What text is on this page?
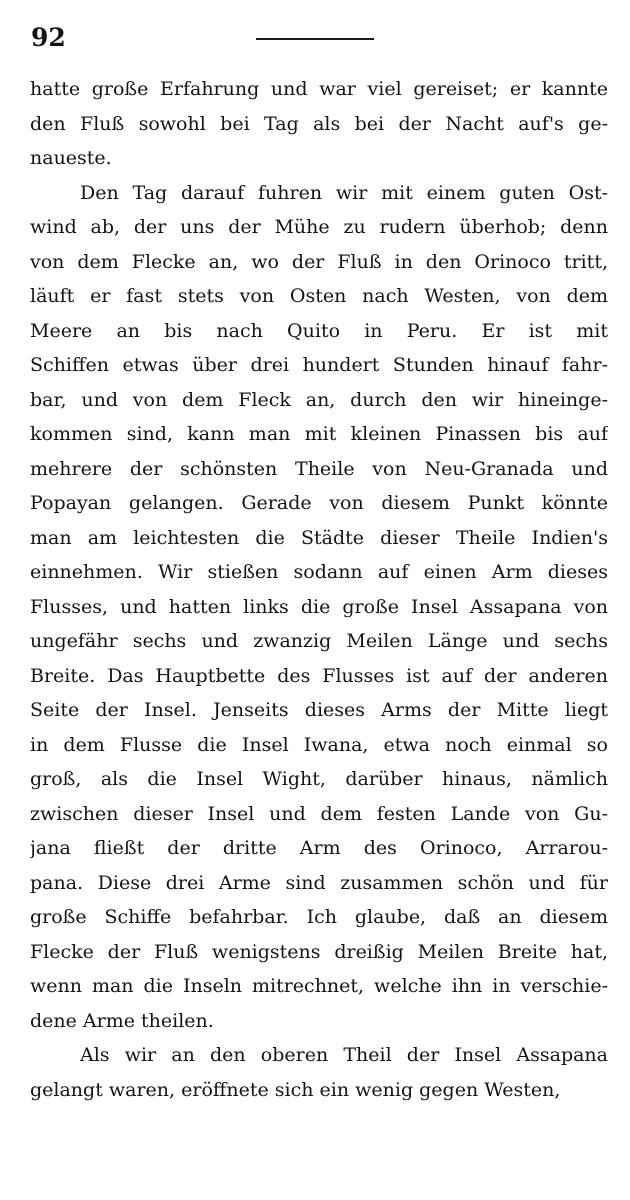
92
hatte große Erfahrung und war viel gereiset; er kannte
den Fluß sowohl bei Tag als bei der Nacht auf's ge-
naueste.
Den Tag darauf fuhren wir mit einem guten Ost-
wind ab, der uns der Mühe zu rudern überhob; denn
von dem Flecke an, wo der Fluß in den Orinoco tritt,
läuft er fast stets von Osten nach Westen, von dem
Meere an bis nach Quito in Peru. Er ist mit
Schiffen etwas über drei hundert Stunden hinauf fahr-
bar, und von dem Fleck an, durch den wir hineinge-
kommen sind, kann man mit kleinen Pinassen bis auf
mehrere der schönsten Theile von Neu-Granada und
Popayan gelangen. Gerade von diesem Punkt könnte
man am leichtesten die Städte dieser Theile Indien's
einnehmen. Wir stießen sodann auf einen Arm dieses
Flusses, und hatten links die große Insel Assapana von
ungefähr sechs und zwanzig Meilen Länge und sechs
Breite. Das Hauptbette des Flusses ist auf der anderen
Seite der Insel. Jenseits dieses Arms der Mitte liegt
in dem Flusse die Insel Iwana, etwa noch einmal so
groß, als die Insel Wight, darüber hinaus, nämlich
zwischen dieser Insel und dem festen Lande von Gu-
jana fließt der dritte Arm des Orinoco, Arrarou-
pana. Diese drei Arme sind zusammen schön und für
große Schiffe befahrbar. Ich glaube, daß an diesem
Flecke der Fluß wenigstens dreißig Meilen Breite hat,
wenn man die Inseln mitrechnet, welche ihn in verschie-
dene Arme theilen.
Als wir an den oberen Theil der Insel Assapana
gelangt waren, eröffnete sich ein wenig gegen Westen,
